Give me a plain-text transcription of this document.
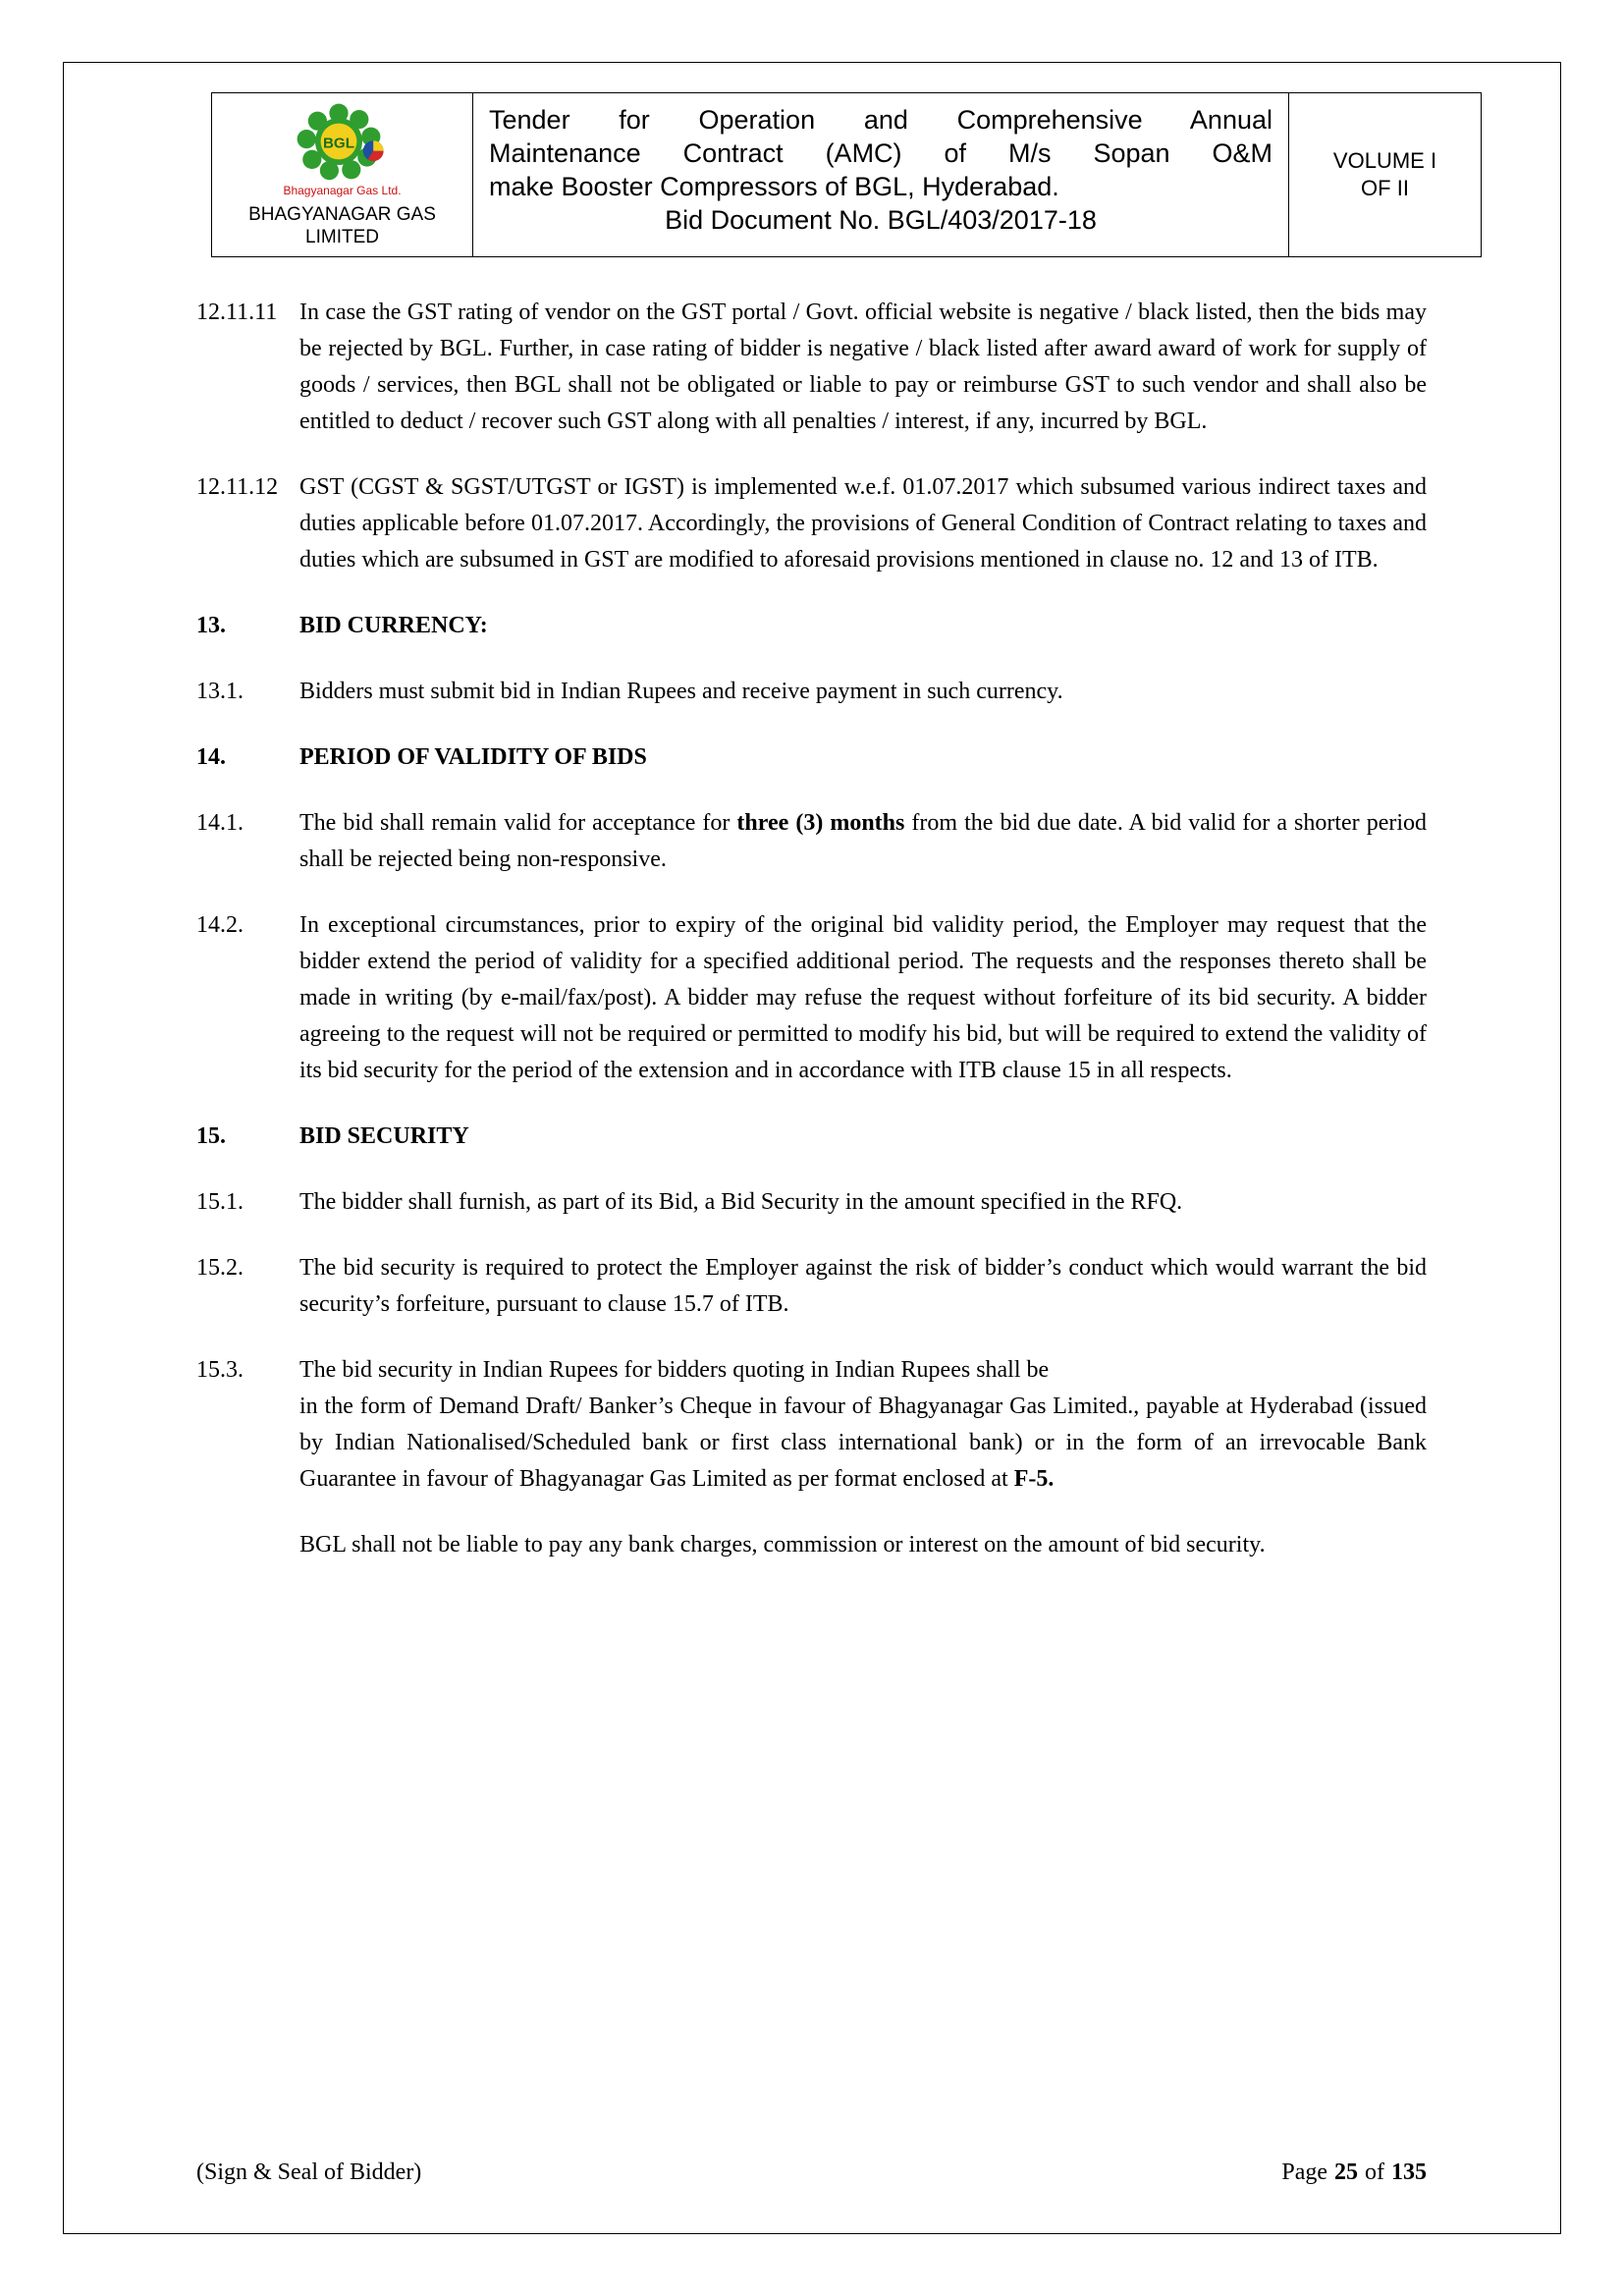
BGL
Bhagyanagar Gas Ltd.
BHAGYANAGAR GAS
LIMITED
Tender for Operation and Comprehensive Annual
Maintenance Contract (AMC) of M/s Sopan O&M
make Booster Compressors of BGL, Hyderabad.
Bid Document No. BGL/403/2017-18
VOLUME I
OF II
12.11.11 In case the GST rating of vendor on the GST portal / Govt. official website is negative / black listed, then the bids may be rejected by BGL. Further, in case rating of bidder is negative / black listed after award award of work for supply of goods / services, then BGL shall not be obligated or liable to pay or reimburse GST to such vendor and shall also be entitled to deduct / recover such GST along with all penalties / interest, if any, incurred by BGL.
12.11.12 GST (CGST & SGST/UTGST or IGST) is implemented w.e.f. 01.07.2017 which subsumed various indirect taxes and duties applicable before 01.07.2017. Accordingly, the provisions of General Condition of Contract relating to taxes and duties which are subsumed in GST are modified to aforesaid provisions mentioned in clause no. 12 and 13 of ITB.
13.	BID CURRENCY:
13.1.	Bidders must submit bid in Indian Rupees and receive payment in such currency.
14.	PERIOD OF VALIDITY OF BIDS
14.1.	The bid shall remain valid for acceptance for three (3) months from the bid due date. A bid valid for a shorter period shall be rejected being non-responsive.
14.2.	In exceptional circumstances, prior to expiry of the original bid validity period, the Employer may request that the bidder extend the period of validity for a specified additional period. The requests and the responses thereto shall be made in writing (by e-mail/fax/post). A bidder may refuse the request without forfeiture of its bid security. A bidder agreeing to the request will not be required or permitted to modify his bid, but will be required to extend the validity of its bid security for the period of the extension and in accordance with ITB clause 15 in all respects.
15.	BID SECURITY
15.1.	The bidder shall furnish, as part of its Bid, a Bid Security in the amount specified in the RFQ.
15.2.	The bid security is required to protect the Employer against the risk of bidder’s conduct which would warrant the bid security’s forfeiture, pursuant to clause 15.7 of ITB.
15.3.	The bid security in Indian Rupees for bidders quoting in Indian Rupees shall be
in the form of Demand Draft/ Banker’s Cheque in favour of Bhagyanagar Gas Limited., payable at Hyderabad (issued by Indian Nationalised/Scheduled bank or first class international bank) or in the form of an irrevocable Bank Guarantee in favour of Bhagyanagar Gas Limited as per format enclosed at F-5.
BGL shall not be liable to pay any bank charges, commission or interest on the amount of bid security.
(Sign & Seal of Bidder)	Page 25 of 135
